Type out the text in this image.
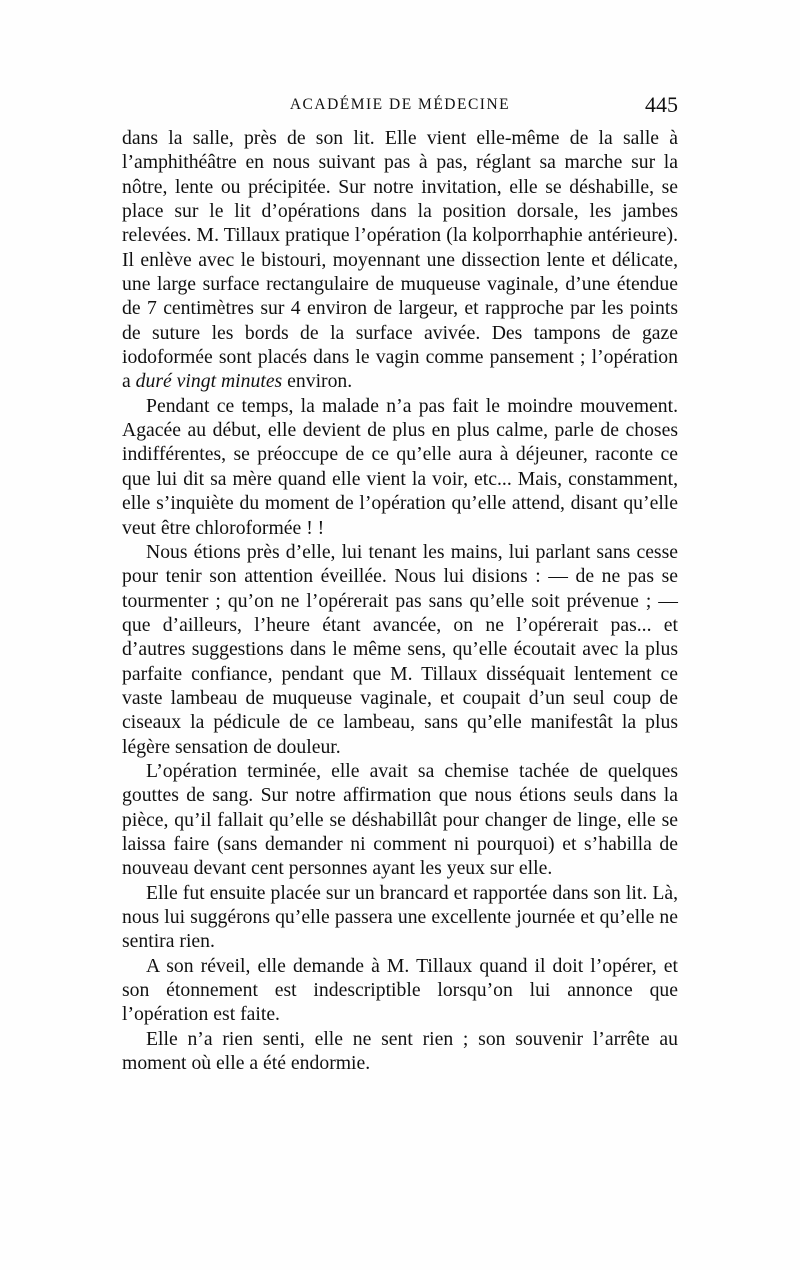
ACADÉMIE DE MÉDECINE	445

dans la salle, près de son lit. Elle vient elle-même de la salle à l’amphithéâtre en nous suivant pas à pas, réglant sa marche sur la nôtre, lente ou précipitée. Sur notre invitation, elle se déshabille, se place sur le lit d’opérations dans la position dorsale, les jambes relevées. M. Tillaux pratique l’opération (la kolporrhaphie antérieure). Il enlève avec le bistouri, moyennant une dissection lente et délicate, une large surface rectangulaire de muqueuse vaginale, d’une étendue de 7 centimètres sur 4 environ de largeur, et rapproche par les points de suture les bords de la surface avivée. Des tampons de gaze iodoformée sont placés dans le vagin comme pansement ; l’opération a duré vingt minutes environ.

Pendant ce temps, la malade n’a pas fait le moindre mouvement. Agacée au début, elle devient de plus en plus calme, parle de choses indifférentes, se préoccupe de ce qu’elle aura à déjeuner, raconte ce que lui dit sa mère quand elle vient la voir, etc... Mais, constamment, elle s’inquiète du moment de l’opération qu’elle attend, disant qu’elle veut être chloroformée ! !

Nous étions près d’elle, lui tenant les mains, lui parlant sans cesse pour tenir son attention éveillée. Nous lui disions : — de ne pas se tourmenter ; qu’on ne l’opérerait pas sans qu’elle soit prévenue ; — que d’ailleurs, l’heure étant avancée, on ne l’opérerait pas... et d’autres suggestions dans le même sens, qu’elle écoutait avec la plus parfaite confiance, pendant que M. Tillaux disséquait lentement ce vaste lambeau de muqueuse vaginale, et coupait d’un seul coup de ciseaux la pédicule de ce lambeau, sans qu’elle manifestât la plus légère sensation de douleur.

L’opération terminée, elle avait sa chemise tachée de quelques gouttes de sang. Sur notre affirmation que nous étions seuls dans la pièce, qu’il fallait qu’elle se déshabillât pour changer de linge, elle se laissa faire (sans demander ni comment ni pourquoi) et s’habilla de nouveau devant cent personnes ayant les yeux sur elle.

Elle fut ensuite placée sur un brancard et rapportée dans son lit. Là, nous lui suggérons qu’elle passera une excellente journée et qu’elle ne sentira rien.

A son réveil, elle demande à M. Tillaux quand il doit l’opérer, et son étonnement est indescriptible lorsqu’on lui annonce que l’opération est faite.

Elle n’a rien senti, elle ne sent rien ; son souvenir l’arrête au moment où elle a été endormie.
